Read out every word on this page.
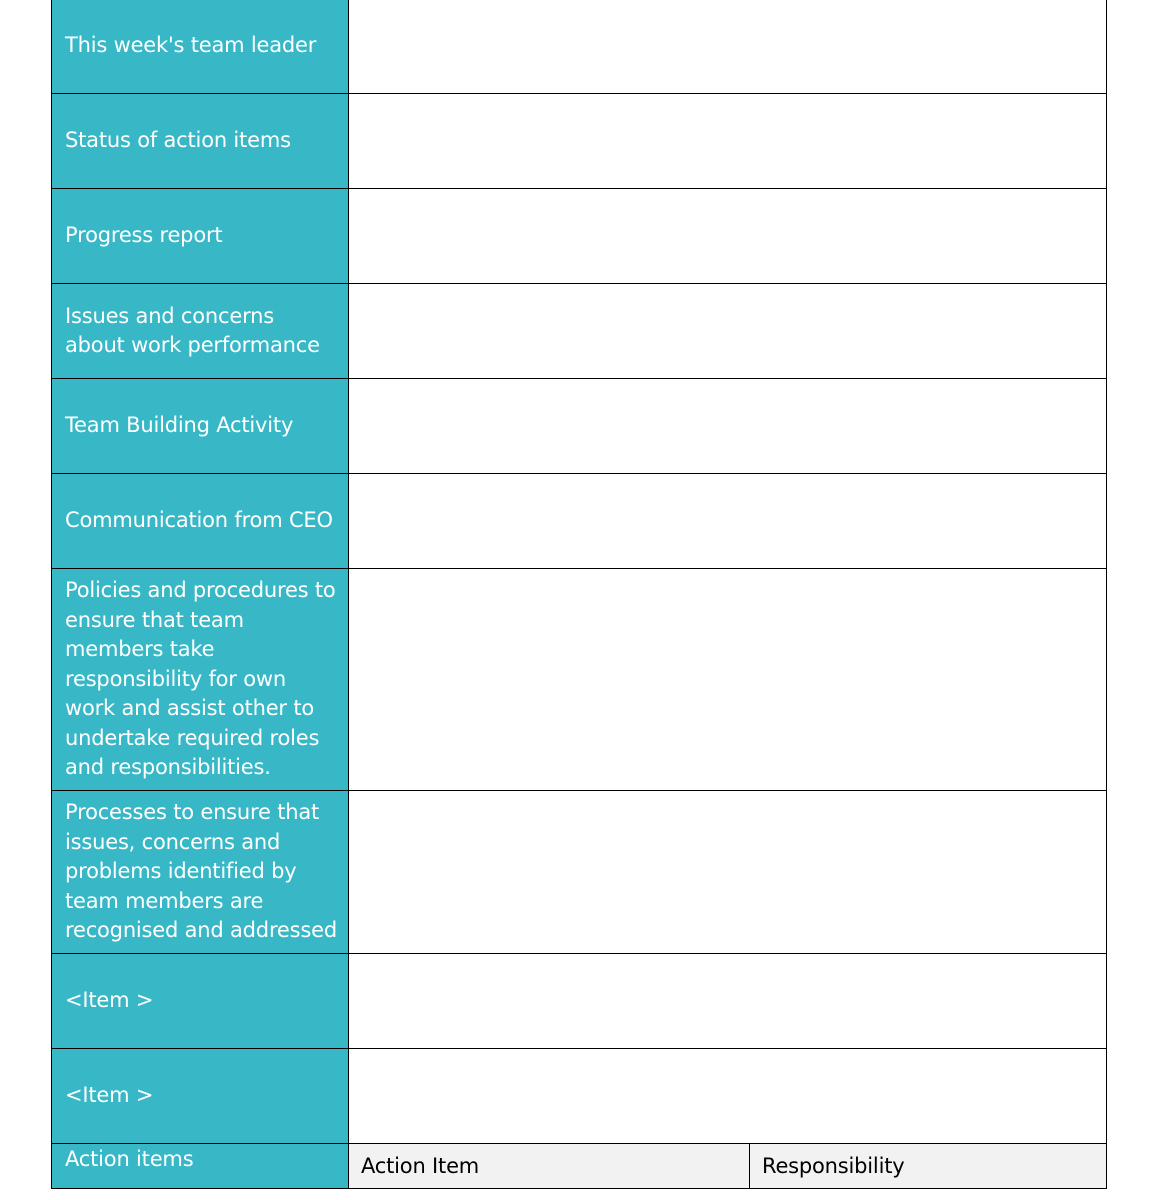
This week's team leader		
Status of action items		
Progress report		
Issues and concerns about work performance		
Team Building Activity		
Communication from CEO		
Policies and procedures to ensure that team members take responsibility for own work and assist other to undertake required roles and responsibilities.		
Processes to ensure that issues, concerns and problems identified by team members are recognised and addressed		
<Item >		
<Item >		
Action items	Action Item	Responsibility
